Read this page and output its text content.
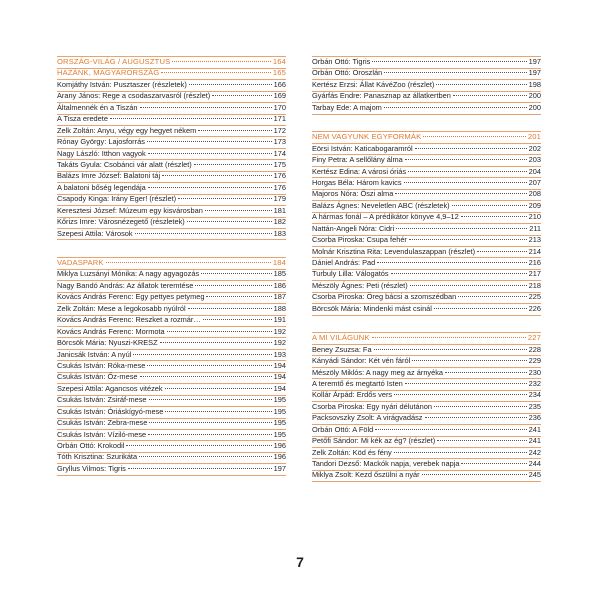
ORSZÁG-VILÁG / AUGUSZTUS	164
HAZÁNK, MAGYARORSZÁG	165
Komjáthy István: Pusztaszer (részletek)	166
Arany János: Rege a csodaszarvasról (részlet)	169
Általmennék én a Tiszán	170
A Tisza eredete	171
Zelk Zoltán: Anyu, végy egy hegyet nékem	172
Rónay György: Lajosforrás	173
Nagy László: Itthon vagyok	174
Takáts Gyula: Csobánci vár alatt (részlet)	175
Balázs Imre József: Balatoni táj	176
A balatoni bőség legendája	176
Csapody Kinga: Irány Eger! (részlet)	179
Keresztesi József: Múzeum egy kisvárosban	181
Kőrizs Imre: Városnézegető (részletek)	182
Szepesi Attila: Városok	183
VADASPARK	184
Miklya Luzsányi Mónika: A nagy agyagozás	185
Nagy Bandó András: Az állatok teremtése	186
Kovács András Ferenc: Egy pettyes petymeg	187
Zelk Zoltán: Mese a legokosabb nyúlról	188
Kovács András Ferenc: Reszket a rozmár…	191
Kovács András Ferenc: Mormota	192
Börcsök Mária: Nyuszi-KRESZ	192
Janicsák István: A nyúl	193
Csukás István: Róka-mese	194
Csukás István: Őz-mese	194
Szepesi Attila: Agancsos vitézek	194
Csukás István: Zsiráf-mese	195
Csukás István: Óriáskígyó-mese	195
Csukás István: Zebra-mese	195
Csukás István: Víziló-mese	195
Orbán Ottó: Krokodil	196
Tóth Krisztina: Szurikáta	196
Gryllus Vilmos: Tigris	197
Orbán Ottó: Tigris	197
Orbán Ottó: Oroszlán	197
Kertész Erzsi: Állat KávéZoo (részlet)	198
Gyárfás Endre: Panasznap az állatkertben	200
Tarbay Ede: A majom	200
NEM VAGYUNK EGYFORMÁK	201
Eörsi István: Katicabogaramról	202
Finy Petra: A sellőlány álma	203
Kertész Edina: A városi óriás	204
Horgas Béla: Három kavics	207
Majoros Nóra: Őszi alma	208
Balázs Ágnes: Neveletlen ABC (részletek)	209
A hármas fonál – A prédikátor könyve 4,9–12	210
Nattán-Angeli Nóra: Cidri	211
Csorba Piroska: Csupa fehér	213
Molnár Krisztina Rita: Levendulaszappan (részlet)	214
Dániel András: Pad	216
Turbuly Lilla: Válogatós	217
Mészöly Ágnes: Peti (részlet)	218
Csorba Piroska: Öreg bácsi a szomszédban	225
Börcsök Mária: Mindenki mást csinál	226
A MI VILÁGUNK	227
Beney Zsuzsa: Fa	228
Kányádi Sándor: Két vén fáról	229
Mészöly Miklós: A nagy meg az árnyéka	230
A teremtő és megtartó Isten	232
Kollár Árpád: Erdős vers	234
Csorba Piroska: Egy nyári délutánon	235
Packsovszky Zsolt: A virágvadász	236
Orbán Ottó: A Föld	241
Petőfi Sándor: Mi kék az ég? (részlet)	241
Zelk Zoltán: Köd és fény	242
Tandori Dezső: Mackók napja, verebek napja	244
Miklya Zsolt: Kezd őszülni a nyár	245
7
